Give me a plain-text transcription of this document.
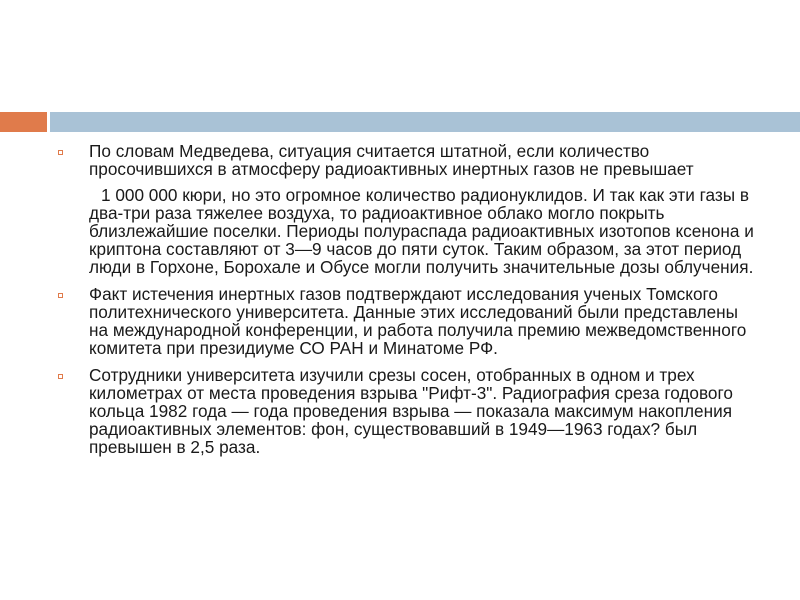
По словам Медведева, ситуация считается штатной, если количество просочившихся в атмосферу радиоактивных инертных газов не превышает

1 000 000 кюри, но это огромное количество радионуклидов. И так как эти газы в два-три раза тяжелее воздуха, то радиоактивное облако могло покрыть близлежайшие поселки. Периоды полураспада радиоактивных изотопов ксенона и криптона составляют от 3—9 часов до пяти суток. Таким образом, за этот период люди в Горхоне, Борохале и Обусе могли получить значительные дозы облучения.

Факт истечения инертных газов подтверждают исследования ученых Томского политехнического университета. Данные этих исследований были представлены на международной конференции, и работа получила премию межведомственного комитета при президиуме СО РАН и Минатоме РФ.

Сотрудники университета изучили срезы сосен, отобранных в одном и трех километрах от места проведения взрыва "Рифт-3". Радиография среза годового кольца 1982 года — года проведения взрыва — показала максимум накопления радиоактивных элементов: фон, существовавший в 1949—1963 годах? был превышен в 2,5 раза.
